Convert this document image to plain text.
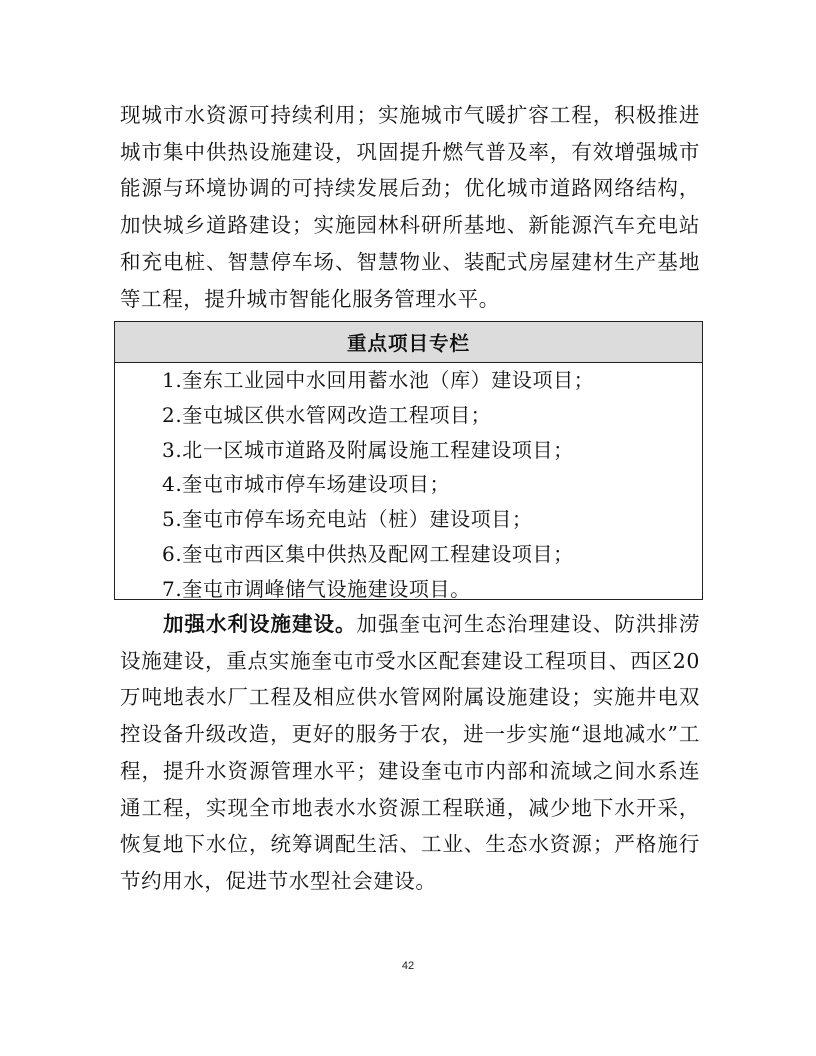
现城市水资源可持续利用；实施城市气暖扩容工程，积极推进城市集中供热设施建设，巩固提升燃气普及率，有效增强城市能源与环境协调的可持续发展后劲；优化城市道路网络结构，加快城乡道路建设；实施园林科研所基地、新能源汽车充电站和充电桩、智慧停车场、智慧物业、装配式房屋建材生产基地等工程，提升城市智能化服务管理水平。

重点项目专栏
1.奎东工业园中水回用蓄水池（库）建设项目；
2.奎屯城区供水管网改造工程项目；
3.北一区城市道路及附属设施工程建设项目；
4.奎屯市城市停车场建设项目；
5.奎屯市停车场充电站（桩）建设项目；
6.奎屯市西区集中供热及配网工程建设项目；
7.奎屯市调峰储气设施建设项目。

加强水利设施建设。加强奎屯河生态治理建设、防洪排涝设施建设，重点实施奎屯市受水区配套建设工程项目、西区20万吨地表水厂工程及相应供水管网附属设施建设；实施井电双控设备升级改造，更好的服务于农，进一步实施“退地减水”工程，提升水资源管理水平；建设奎屯市内部和流域之间水系连通工程，实现全市地表水水资源工程联通，减少地下水开采，恢复地下水位，统筹调配生活、工业、生态水资源；严格施行节约用水，促进节水型社会建设。

42
